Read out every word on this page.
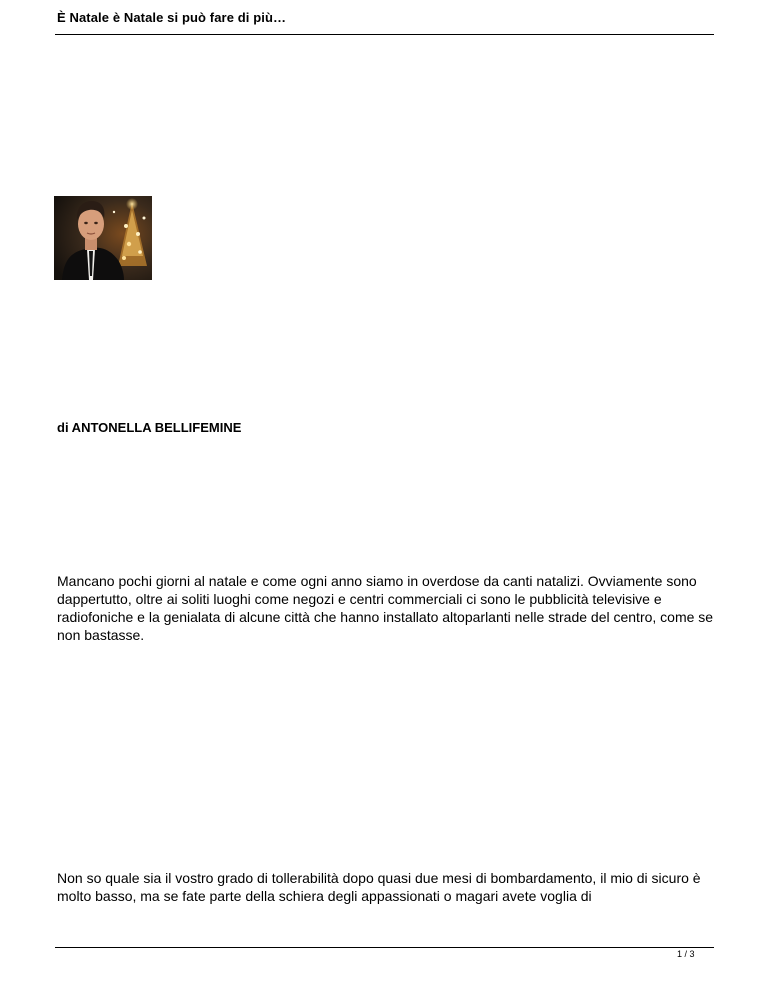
È Natale è Natale si può fare di più…
di ANTONELLA BELLIFEMINE
Mancano pochi giorni al natale e come ogni anno siamo in overdose da canti natalizi. Ovviamente sono dappertutto, oltre ai soliti luoghi come negozi e centri commerciali ci sono le pubblicità televisive e radiofoniche e la genialata di alcune città che hanno installato altoparlanti nelle strade del centro, come se non bastasse.
Non so quale sia il vostro grado di tollerabilità dopo quasi due mesi di bombardamento, il mio di sicuro è molto basso, ma se fate parte della schiera degli appassionati o magari avete voglia di
1 / 3
